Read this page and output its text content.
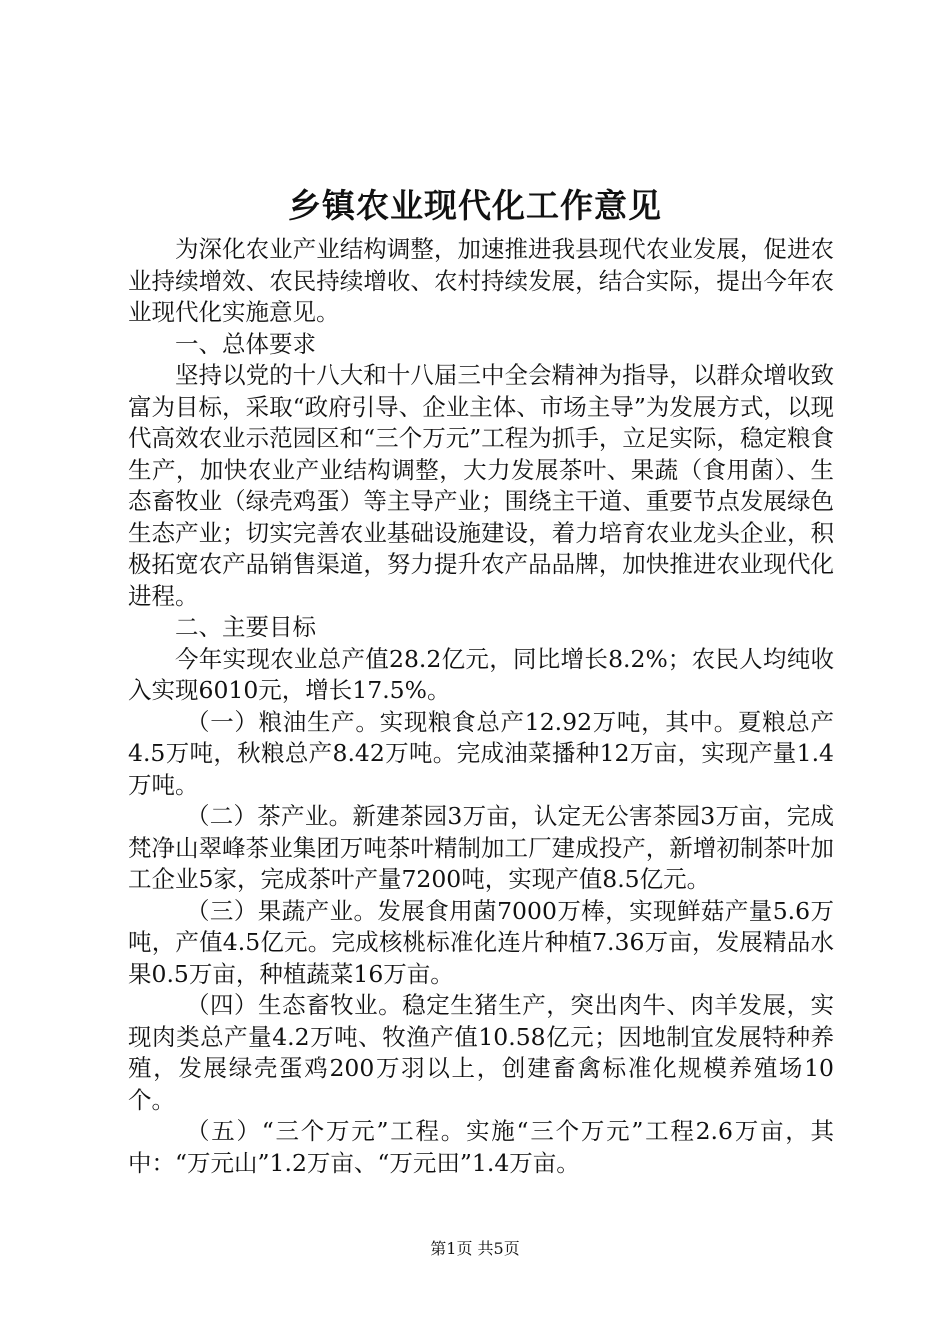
乡镇农业现代化工作意见

为深化农业产业结构调整，加速推进我县现代农业发展，促进农业持续增效、农民持续增收、农村持续发展，结合实际，提出今年农业现代化实施意见。

一、总体要求

坚持以党的十八大和十八届三中全会精神为指导，以群众增收致富为目标，采取“政府引导、企业主体、市场主导”为发展方式，以现代高效农业示范园区和“三个万元”工程为抓手，立足实际，稳定粮食生产，加快农业产业结构调整，大力发展茶叶、果蔬（食用菌）、生态畜牧业（绿壳鸡蛋）等主导产业；围绕主干道、重要节点发展绿色生态产业；切实完善农业基础设施建设，着力培育农业龙头企业，积极拓宽农产品销售渠道，努力提升农产品品牌，加快推进农业现代化进程。

二、主要目标

今年实现农业总产值28.2亿元，同比增长8.2%；农民人均纯收入实现6010元，增长17.5%。

（一）粮油生产。实现粮食总产12.92万吨，其中。夏粮总产4.5万吨，秋粮总产8.42万吨。完成油菜播种12万亩，实现产量1.4万吨。

（二）茶产业。新建茶园3万亩，认定无公害茶园3万亩，完成梵净山翠峰茶业集团万吨茶叶精制加工厂建成投产，新增初制茶叶加工企业5家，完成茶叶产量7200吨，实现产值8.5亿元。

（三）果蔬产业。发展食用菌7000万棒，实现鲜菇产量5.6万吨，产值4.5亿元。完成核桃标准化连片种植7.36万亩，发展精品水果0.5万亩，种植蔬菜16万亩。

（四）生态畜牧业。稳定生猪生产，突出肉牛、肉羊发展，实现肉类总产量4.2万吨、牧渔产值10.58亿元；因地制宜发展特种养殖，发展绿壳蛋鸡200万羽以上，创建畜禽标准化规模养殖场10个。

（五）“三个万元”工程。实施“三个万元”工程2.6万亩，其中：“万元山”1.2万亩、“万元田”1.4万亩。

第1页 共5页
